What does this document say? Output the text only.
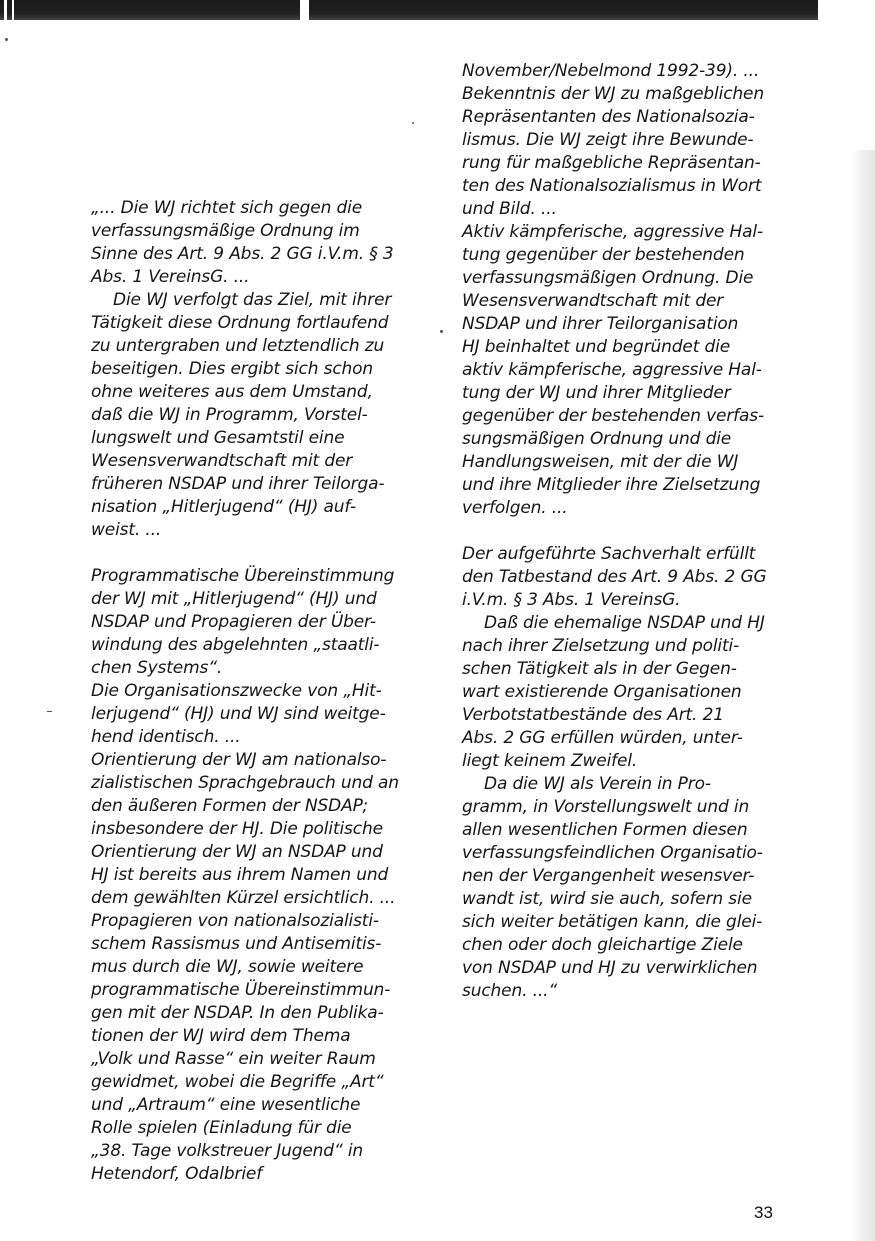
„... Die WJ richtet sich gegen die
verfassungsmäßige Ordnung im
Sinne des Art. 9 Abs. 2 GG i.V.m. § 3
Abs. 1 VereinsG. ...

Die WJ verfolgt das Ziel, mit ihrer
Tätigkeit diese Ordnung fortlaufend
zu untergraben und letztendlich zu
beseitigen. Dies ergibt sich schon
ohne weiteres aus dem Umstand,
daß die WJ in Programm, Vorstel-
lungswelt und Gesamtstil eine
Wesensverwandtschaft mit der
früheren NSDAP und ihrer Teilorga-
nisation „Hitlerjugend“ (HJ) auf-
weist. ...

Programmatische Übereinstimmung
der WJ mit „Hitlerjugend“ (HJ) und
NSDAP und Propagieren der Über-
windung des abgelehnten „staatli-
chen Systems“.
Die Organisationszwecke von „Hit-
lerjugend“ (HJ) und WJ sind weitge-
hend identisch. ...
Orientierung der WJ am nationalso-
zialistischen Sprachgebrauch und an
den äußeren Formen der NSDAP;
insbesondere der HJ. Die politische
Orientierung der WJ an NSDAP und
HJ ist bereits aus ihrem Namen und
dem gewählten Kürzel ersichtlich. ...
Propagieren von nationalsozialisti-
schem Rassismus und Antisemitis-
mus durch die WJ, sowie weitere
programmatische Übereinstimmun-
gen mit der NSDAP. In den Publika-
tionen der WJ wird dem Thema
„Volk und Rasse“ ein weiter Raum
gewidmet, wobei die Begriffe „Art“
und „Artraum“ eine wesentliche
Rolle spielen (Einladung für die
„38. Tage volkstreuer Jugend“ in
Hetendorf, Odalbrief

November/Nebelmond 1992-39). ...
Bekenntnis der WJ zu maßgeblichen
Repräsentanten des Nationalsozia-
lismus. Die WJ zeigt ihre Bewunde-
rung für maßgebliche Repräsentan-
ten des Nationalsozialismus in Wort
und Bild. ...
Aktiv kämpferische, aggressive Hal-
tung gegenüber der bestehenden
verfassungsmäßigen Ordnung. Die
Wesensverwandtschaft mit der
NSDAP und ihrer Teilorganisation
HJ beinhaltet und begründet die
aktiv kämpferische, aggressive Hal-
tung der WJ und ihrer Mitglieder
gegenüber der bestehenden verfas-
sungsmäßigen Ordnung und die
Handlungsweisen, mit der die WJ
und ihre Mitglieder ihre Zielsetzung
verfolgen. ...

Der aufgeführte Sachverhalt erfüllt
den Tatbestand des Art. 9 Abs. 2 GG
i.V.m. § 3 Abs. 1 VereinsG.

Daß die ehemalige NSDAP und HJ
nach ihrer Zielsetzung und politi-
schen Tätigkeit als in der Gegen-
wart existierende Organisationen
Verbotstatbestände des Art. 21
Abs. 2 GG erfüllen würden, unter-
liegt keinem Zweifel.

Da die WJ als Verein in Pro-
gramm, in Vorstellungswelt und in
allen wesentlichen Formen diesen
verfassungsfeindlichen Organisatio-
nen der Vergangenheit wesensver-
wandt ist, wird sie auch, sofern sie
sich weiter betätigen kann, die glei-
chen oder doch gleichartige Ziele
von NSDAP und HJ zu verwirklichen
suchen. ...“

33
